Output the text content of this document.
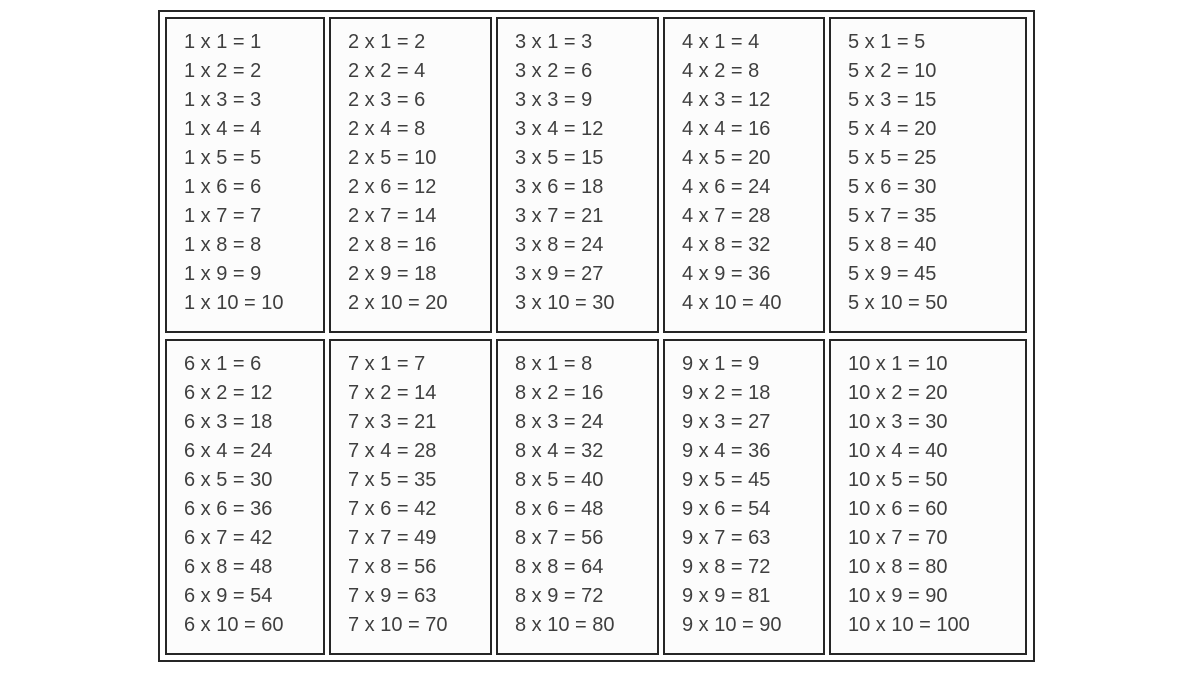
1 x 1 = 1
1 x 2 = 2
1 x 3 = 3
1 x 4 = 4
1 x 5 = 5
1 x 6 = 6
1 x 7 = 7
1 x 8 = 8
1 x 9 = 9
1 x 10 = 10
2 x 1 = 2
2 x 2 = 4
2 x 3 = 6
2 x 4 = 8
2 x 5 = 10
2 x 6 = 12
2 x 7 = 14
2 x 8 = 16
2 x 9 = 18
2 x 10 = 20
3 x 1 = 3
3 x 2 = 6
3 x 3 = 9
3 x 4 = 12
3 x 5 = 15
3 x 6 = 18
3 x 7 = 21
3 x 8 = 24
3 x 9 = 27
3 x 10 = 30
4 x 1 = 4
4 x 2 = 8
4 x 3 = 12
4 x 4 = 16
4 x 5 = 20
4 x 6 = 24
4 x 7 = 28
4 x 8 = 32
4 x 9 = 36
4 x 10 = 40
5 x 1 = 5
5 x 2 = 10
5 x 3 = 15
5 x 4 = 20
5 x 5 = 25
5 x 6 = 30
5 x 7 = 35
5 x 8 = 40
5 x 9 = 45
5 x 10 = 50
6 x 1 = 6
6 x 2 = 12
6 x 3 = 18
6 x 4 = 24
6 x 5 = 30
6 x 6 = 36
6 x 7 = 42
6 x 8 = 48
6 x 9 = 54
6 x 10 = 60
7 x 1 = 7
7 x 2 = 14
7 x 3 = 21
7 x 4 = 28
7 x 5 = 35
7 x 6 = 42
7 x 7 = 49
7 x 8 = 56
7 x 9 = 63
7 x 10 = 70
8 x 1 = 8
8 x 2 = 16
8 x 3 = 24
8 x 4 = 32
8 x 5 = 40
8 x 6 = 48
8 x 7 = 56
8 x 8 = 64
8 x 9 = 72
8 x 10 = 80
9 x 1 = 9
9 x 2 = 18
9 x 3 = 27
9 x 4 = 36
9 x 5 = 45
9 x 6 = 54
9 x 7 = 63
9 x 8 = 72
9 x 9 = 81
9 x 10 = 90
10 x 1 = 10
10 x 2 = 20
10 x 3 = 30
10 x 4 = 40
10 x 5 = 50
10 x 6 = 60
10 x 7 = 70
10 x 8 = 80
10 x 9 = 90
10 x 10 = 100
